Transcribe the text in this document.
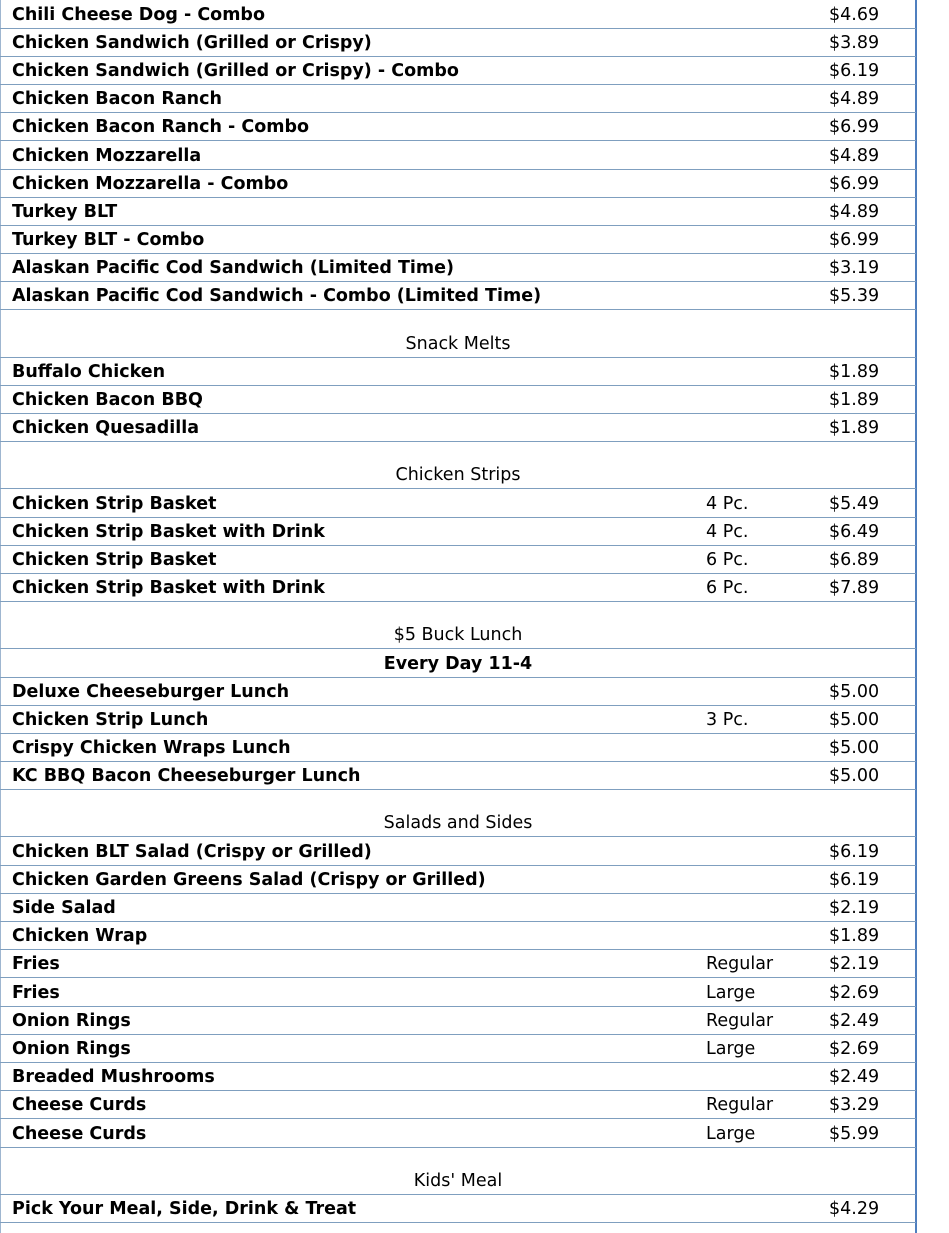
Chili Cheese Dog - Combo	$4.69
Chicken Sandwich (Grilled or Crispy)	$3.89
Chicken Sandwich (Grilled or Crispy) - Combo	$6.19
Chicken Bacon Ranch	$4.89
Chicken Bacon Ranch - Combo	$6.99
Chicken Mozzarella	$4.89
Chicken Mozzarella - Combo	$6.99
Turkey BLT	$4.89
Turkey BLT - Combo	$6.99
Alaskan Pacific Cod Sandwich (Limited Time)	$3.19
Alaskan Pacific Cod Sandwich - Combo (Limited Time)	$5.39
Snack Melts
Buffalo Chicken	$1.89
Chicken Bacon BBQ	$1.89
Chicken Quesadilla	$1.89
Chicken Strips
Chicken Strip Basket	4 Pc.	$5.49
Chicken Strip Basket with Drink	4 Pc.	$6.49
Chicken Strip Basket	6 Pc.	$6.89
Chicken Strip Basket with Drink	6 Pc.	$7.89
$5 Buck Lunch
Every Day 11-4
Deluxe Cheeseburger Lunch	$5.00
Chicken Strip Lunch	3 Pc.	$5.00
Crispy Chicken Wraps Lunch	$5.00
KC BBQ Bacon Cheeseburger Lunch	$5.00
Salads and Sides
Chicken BLT Salad (Crispy or Grilled)	$6.19
Chicken Garden Greens Salad (Crispy or Grilled)	$6.19
Side Salad	$2.19
Chicken Wrap	$1.89
Fries	Regular	$2.19
Fries	Large	$2.69
Onion Rings	Regular	$2.49
Onion Rings	Large	$2.69
Breaded Mushrooms	$2.49
Cheese Curds	Regular	$3.29
Cheese Curds	Large	$5.99
Kids' Meal
Pick Your Meal, Side, Drink & Treat	$4.29
